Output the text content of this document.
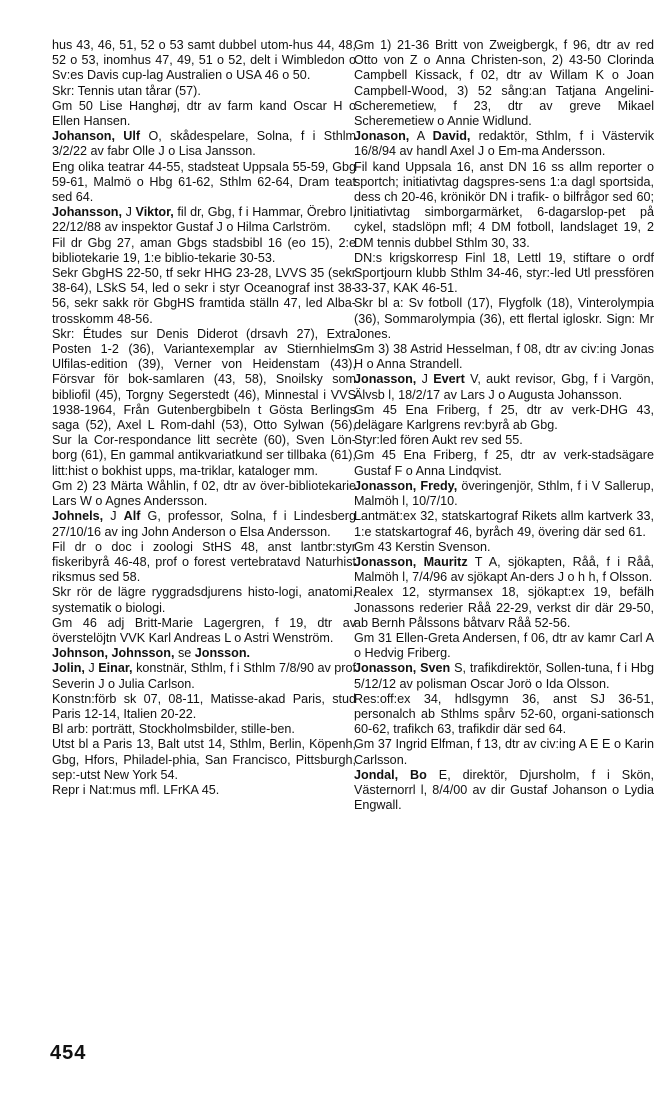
hus 43, 46, 51, 52 o 53 samt dubbel utom-hus 44, 48, 52 o 53, inomhus 47, 49, 51 o 52, delt i Wimbledon o Sv:es Davis cup-lag Australien o USA 46 o 50.

Skr: Tennis utan tårar (57).

Gm 50 Lise Hanghøj, dtr av farm kand Oscar H o Ellen Hansen.

Johanson, Ulf O, skådespelare, Solna, f i Sthlm 3/2/22 av fabr Olle J o Lisa Jansson.

Eng olika teatrar 44-55, stadsteat Uppsala 55-59, Gbg 59-61, Malmö o Hbg 61-62, Sthlm 62-64, Dram teat sed 64.

Johansson, J Viktor, fil dr, Gbg, f i Hammar, Örebro l, 22/12/88 av inspektor Gustaf J o Hilma Carlström.

Fil dr Gbg 27, aman Gbgs stadsbibl 16 (eo 15), 2:e bibliotekarie 19, 1:e biblio-tekarie 30-53.

Sekr GbgHS 22-50, tf sekr HHG 23-28, LVVS 35 (sekr 38-64), LSkS 54, led o sekr i styr Oceanograf inst 38-56, sekr sakk rör GbgHS framtida ställn 47, led Alba-trosskomm 48-56.

Skr: Études sur Denis Diderot (drsavh 27), Extra Posten 1-2 (36), Variantexemplar av Stiernhielms Ulfilas-edition (39), Verner von Heidenstam (43), Försvar för bok-samlaren (43, 58), Snoilsky som bibliofil (45), Torgny Segerstedt (46), Minnestal i VVS 1938-1964, Från Gutenbergbibeln t Gösta Berlings saga (52), Axel L Rom-dahl (53), Otto Sylwan (56), Sur la Cor-respondance litt secrète (60), Sven Lön-borg (61), En gammal antikvariatkund ser tillbaka (61), litt:hist o bokhist upps, ma-triklar, kataloger mm.

Gm 2) 23 Märta Wåhlin, f 02, dtr av över-bibliotekarie Lars W o Agnes Andersson.

Johnels, J Alf G, professor, Solna, f i Lindesberg 27/10/16 av ing John Anderson o Elsa Andersson.

Fil dr o doc i zoologi StHS 48, anst lantbr:styr fiskeribyrå 46-48, prof o forest vertebratavd Naturhist riksmus sed 58.

Skr rör de lägre ryggradsdjurens histo-logi, anatomi, systematik o biologi.

Gm 46 adj Britt-Marie Lagergren, f 19, dtr av överstelöjtn VVK Karl Andreas L o Astri Wenström.

Johnson, Johnsson, se Jonsson.

Jolin, J Einar, konstnär, Sthlm, f i Sthlm 7/8/90 av prof Severin J o Julia Carlson.

Konstn:förb sk 07, 08-11, Matisse-akad Paris, stud Paris 12-14, Italien 20-22.

Bl arb: porträtt, Stockholmsbilder, stille-ben.

Utst bl a Paris 13, Balt utst 14, Sthlm, Berlin, Köpenh, Gbg, Hfors, Philadel-phia, San Francisco, Pittsburgh, sep:-utst New York 54.

Repr i Nat:mus mfl. LFrKA 45.

Gm 1) 21-36 Britt von Zweigbergk, f 96, dtr av red Otto von Z o Anna Christen-son, 2) 43-50 Clorinda Campbell Kissack, f 02, dtr av Willam K o Joan Campbell-Wood, 3) 52 sång:an Tatjana Angelini-Scheremetiew, f 23, dtr av greve Mikael Scheremetiew o Annie Widlund.

Jonason, A David, redaktör, Sthlm, f i Västervik 16/8/94 av handl Axel J o Em-ma Andersson.

Fil kand Uppsala 16, anst DN 16 ss allm reporter o sportch; initiativtag dagspres-sens 1:a dagl sportsida, dess ch 20-46, krönikör DN i trafik- o bilfrågor sed 60; initiativtag simborgarmärket, 6-dagarslop-pet på cykel, stadslöpn mfl; 4 DM fotboll, landslaget 19, 2 DM tennis dubbel Sthlm 30, 33.

DN:s krigskorresp Finl 18, Lettl 19, stiftare o ordf Sportjourn klubb Sthlm 34-46, styr:-led Utl pressfören 33-37, KAK 46-51.

Skr bl a: Sv fotboll (17), Flygfolk (18), Vinterolympia (36), Sommarolympia (36), ett flertal igloskr. Sign: Mr Jones.

Gm 3) 38 Astrid Hesselman, f 08, dtr av civ:ing Jonas H o Anna Strandell.

Jonasson, J Evert V, aukt revisor, Gbg, f i Vargön, Älvsb l, 18/2/17 av Lars J o Augusta Johansson.

Gm 45 Ena Friberg, f 25, dtr av verk-DHG 43, delägare Karlgrens rev:byrå ab Gbg.

Styr:led fören Aukt rev sed 55.

Gm 45 Ena Friberg, f 25, dtr av verk-stadsägare Gustaf F o Anna Lindqvist.

Jonasson, Fredy, överingenjör, Sthlm, f i V Sallerup, Malmöh l, 10/7/10.

Lantmät:ex 32, statskartograf Rikets allm kartverk 33, 1:e statskartograf 46, byråch 49, övering där sed 61.

Gm 43 Kerstin Svenson.

Jonasson, Mauritz T A, sjökapten, Råå, f i Råå, Malmöh l, 7/4/96 av sjökapt An-ders J o h h, f Olsson.

Realex 12, styrmansex 18, sjökapt:ex 19, befälh Jonassons rederier Råå 22-29, verkst dir där 29-50, ab Bernh Pålssons båtvarv Råå 52-56.

Gm 31 Ellen-Greta Andersen, f 06, dtr av kamr Carl A o Hedvig Friberg.

Jonasson, Sven S, trafikdirektör, Sollen-tuna, f i Hbg 5/12/12 av polisman Oscar Jorö o Ida Olsson.

Res:off:ex 34, hdlsgymn 36, anst SJ 36-51, personalch ab Sthlms spårv 52-60, organi-sationsch 60-62, trafikch 63, trafikdir där sed 64.

Gm 37 Ingrid Elfman, f 13, dtr av civ:ing A E E o Karin Carlsson.

Jondal, Bo E, direktör, Djursholm, f i Skön, Västernorrl l, 8/4/00 av dir Gustaf Johanson o Lydia Engwall.

454
